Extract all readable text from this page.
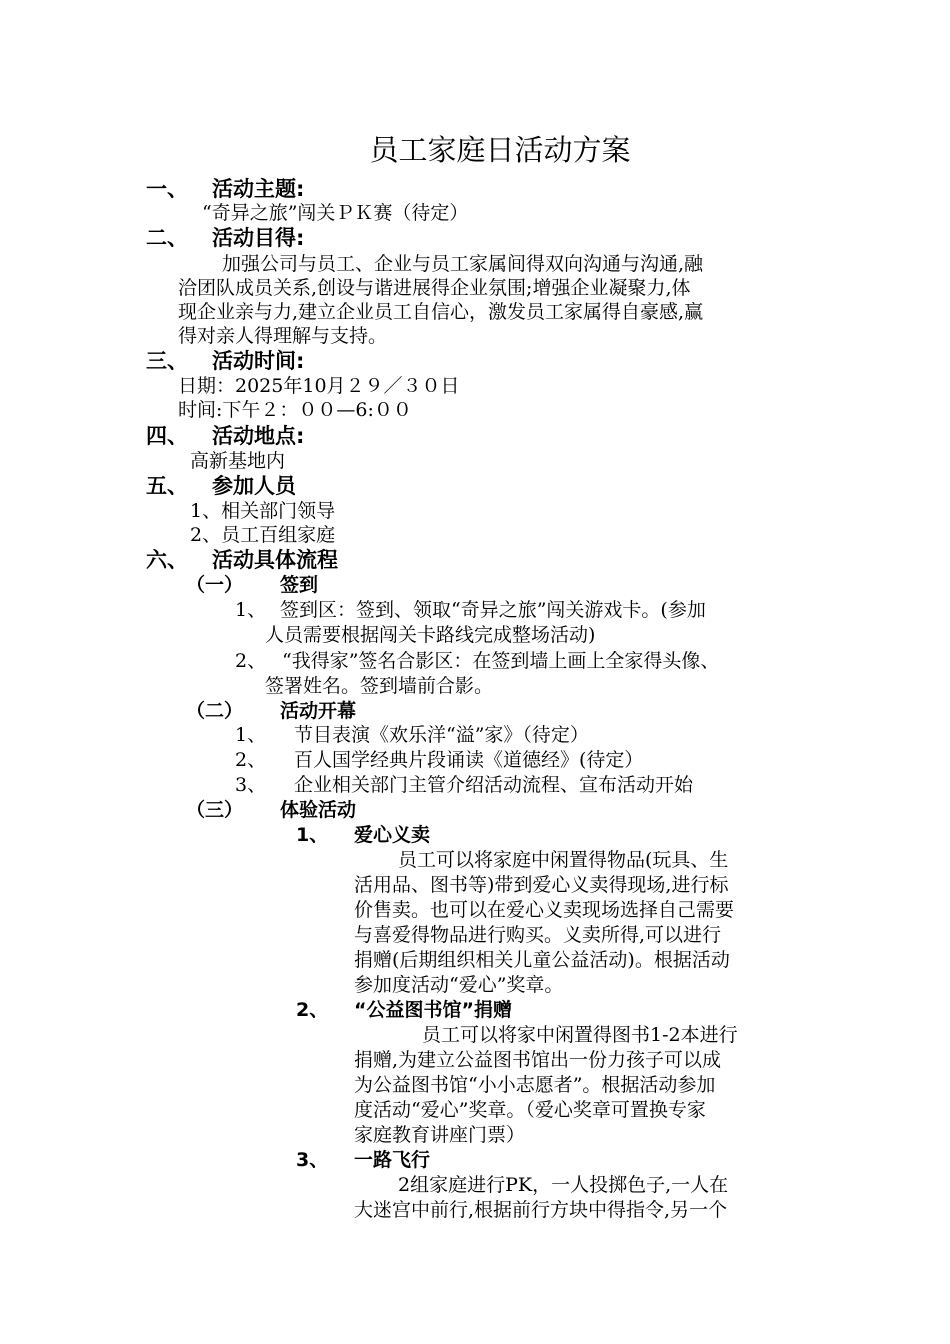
员工家庭日活动方案
一、 活动主题:
“奇异之旅”闯关ＰＫ赛（待定）
二、 活动目得:
加强公司与员工、企业与员工家属间得双向沟通与沟通,融
洽团队成员关系,创设与谐进展得企业氛围;增强企业凝聚力,体
现企业亲与力,建立企业员工自信心，激发员工家属得自豪感,赢
得对亲人得理解与支持。
三、 活动时间:
日期：2025年10月２９／３０日
时间:下午２：００—6:００
四、 活动地点:
高新基地内
五、 参加人员
1、相关部门领导
2、员工百组家庭
六、 活动具体流程
（一） 签到
1、 签到区：签到、领取“奇异之旅”闯关游戏卡。(参加
人员需要根据闯关卡路线完成整场活动)
2、 “我得家”签名合影区：在签到墙上画上全家得头像、
签署姓名。签到墙前合影。
（二） 活动开幕
1、 节目表演《欢乐洋“溢”家》（待定）
2、 百人国学经典片段诵读《道德经》(待定）
3、 企业相关部门主管介绍活动流程、宣布活动开始
（三） 体验活动
1、 爱心义卖
员工可以将家庭中闲置得物品(玩具、生
活用品、图书等)带到爱心义卖得现场,进行标
价售卖。也可以在爱心义卖现场选择自己需要
与喜爱得物品进行购买。义卖所得,可以进行
捐赠(后期组织相关儿童公益活动)。根据活动
参加度活动“爱心”奖章。
2、 “公益图书馆”捐赠
员工可以将家中闲置得图书1-2本进行
捐赠,为建立公益图书馆出一份力孩子可以成
为公益图书馆“小小志愿者”。根据活动参加
度活动“爱心”奖章。（爱心奖章可置换专家
家庭教育讲座门票）
3、 一路飞行
2组家庭进行PK，一人投掷色子,一人在
大迷宫中前行,根据前行方块中得指令,另一个
